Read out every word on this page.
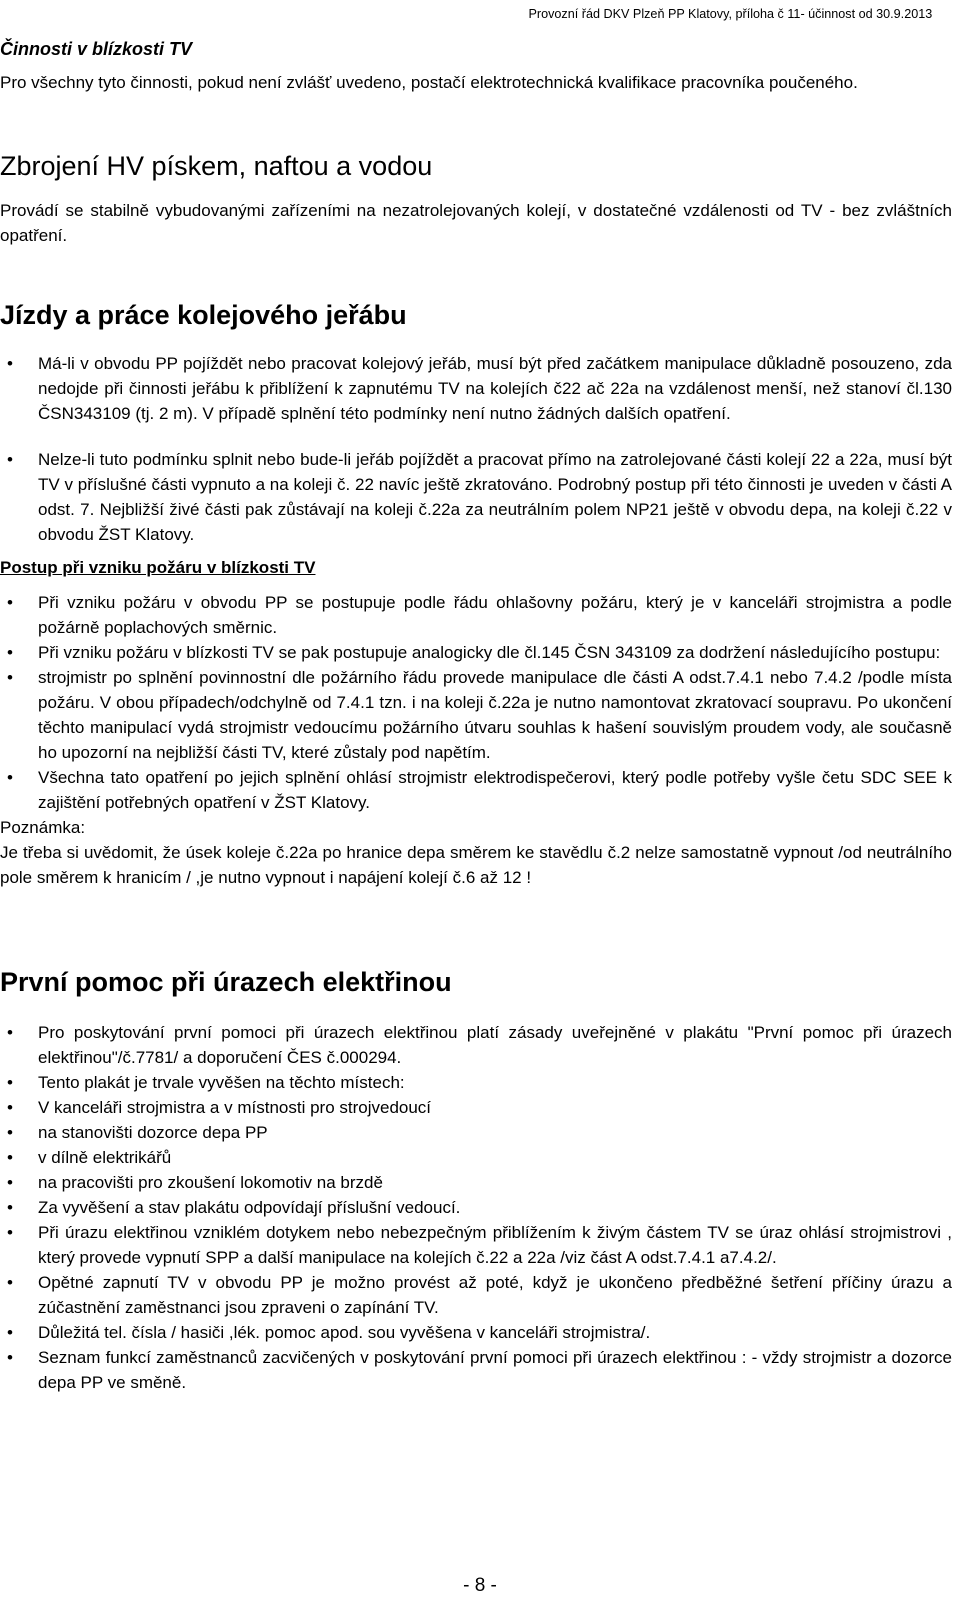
Provozní řád DKV Plzeň PP Klatovy, příloha č 11- účinnost od 30.9.2013
Činnosti v blízkosti TV

Pro všechny tyto činnosti, pokud není zvlášť uvedeno, postačí elektrotechnická kvalifikace pracovníka poučeného.

Zbrojení HV pískem, naftou a vodou

Provádí se stabilně vybudovanými zařízeními na nezatrolejovaných kolejí, v dostatečné vzdálenosti od TV - bez zvláštních opatření.

Jízdy a práce kolejového jeřábu
• Má-li v obvodu PP pojíždět nebo pracovat kolejový jeřáb, musí být před začátkem manipulace důkladně posouzeno, zda nedojde při činnosti jeřábu k přiblížení k zapnutému TV na kolejích č22 ač 22a na vzdálenost menší, než stanoví čl.130 ČSN343109 (tj. 2 m). V případě splnění této podmínky není nutno žádných dalších opatření.
• Nelze-li tuto podmínku splnit nebo bude-li jeřáb pojíždět a pracovat přímo na zatrolejované části kolejí 22 a 22a, musí být TV v příslušné části vypnuto a na koleji č. 22 navíc ještě zkratováno. Podrobný postup při této činnosti je uveden v části A odst. 7. Nejbližší živé části pak zůstávají na koleji č.22a za neutrálním polem NP21 ještě v obvodu depa, na koleji č.22 v obvodu ŽST Klatovy.
Postup při vzniku požáru v blízkosti TV
• Při vzniku požáru v obvodu PP se postupuje podle řádu ohlašovny požáru, který je v kanceláři strojmistra a podle požárně poplachových směrnic.
• Při vzniku požáru v blízkosti TV se pak postupuje analogicky dle čl.145 ČSN 343109 za dodržení následujícího postupu:
• strojmistr po splnění povinnostní dle požárního řádu provede manipulace dle části A odst.7.4.1 nebo 7.4.2 /podle místa požáru. V obou případech/odchylně od 7.4.1 tzn. i na koleji č.22a je nutno namontovat zkratovací soupravu. Po ukončení těchto manipulací vydá strojmistr vedoucímu požárního útvaru souhlas k hašení souvislým proudem vody, ale současně ho upozorní na nejbližší části TV, které zůstaly pod napětím.
• Všechna tato opatření po jejich splnění ohlásí strojmistr elektrodispečerovi, který podle potřeby vyšle četu SDC SEE k zajištění potřebných opatření v ŽST Klatovy.

Poznámka:

Je třeba si uvědomit, že úsek koleje č.22a po hranice depa směrem ke stavědlu č.2 nelze samostatně vypnout /od neutrálního pole směrem k hranicím / ,je nutno vypnout i napájení kolejí č.6 až 12 !

První pomoc při úrazech elektřinou
• Pro poskytování první pomoci při úrazech elektřinou platí zásady uveřejněné v plakátu "První pomoc při úrazech elektřinou"/č.7781/ a doporučení ČES č.000294.
• Tento plakát je trvale vyvěšen na těchto místech:
• V kanceláři strojmistra a v místnosti pro strojvedoucí
• na stanovišti dozorce depa PP
• v dílně elektrikářů
• na pracovišti pro zkoušení lokomotiv na brzdě
• Za vyvěšení a stav plakátu odpovídají příslušní vedoucí.
• Při úrazu elektřinou vzniklém dotykem nebo nebezpečným přiblížením k živým částem TV se úraz ohlásí strojmistrovi , který provede vypnutí SPP a další manipulace na kolejích č.22 a 22a /viz část A odst.7.4.1 a7.4.2/.
• Opětné zapnutí TV v obvodu PP je možno provést až poté, když je ukončeno předběžné šetření příčiny úrazu a zúčastnění zaměstnanci jsou zpraveni o zapínání TV.
• Důležitá tel. čísla / hasiči ,lék. pomoc apod. sou vyvěšena v kanceláři strojmistra/.
• Seznam funkcí zaměstnanců zacvičených v poskytování první pomoci při úrazech elektřinou : - vždy strojmistr a dozorce depa PP ve směně.
- 8 -
